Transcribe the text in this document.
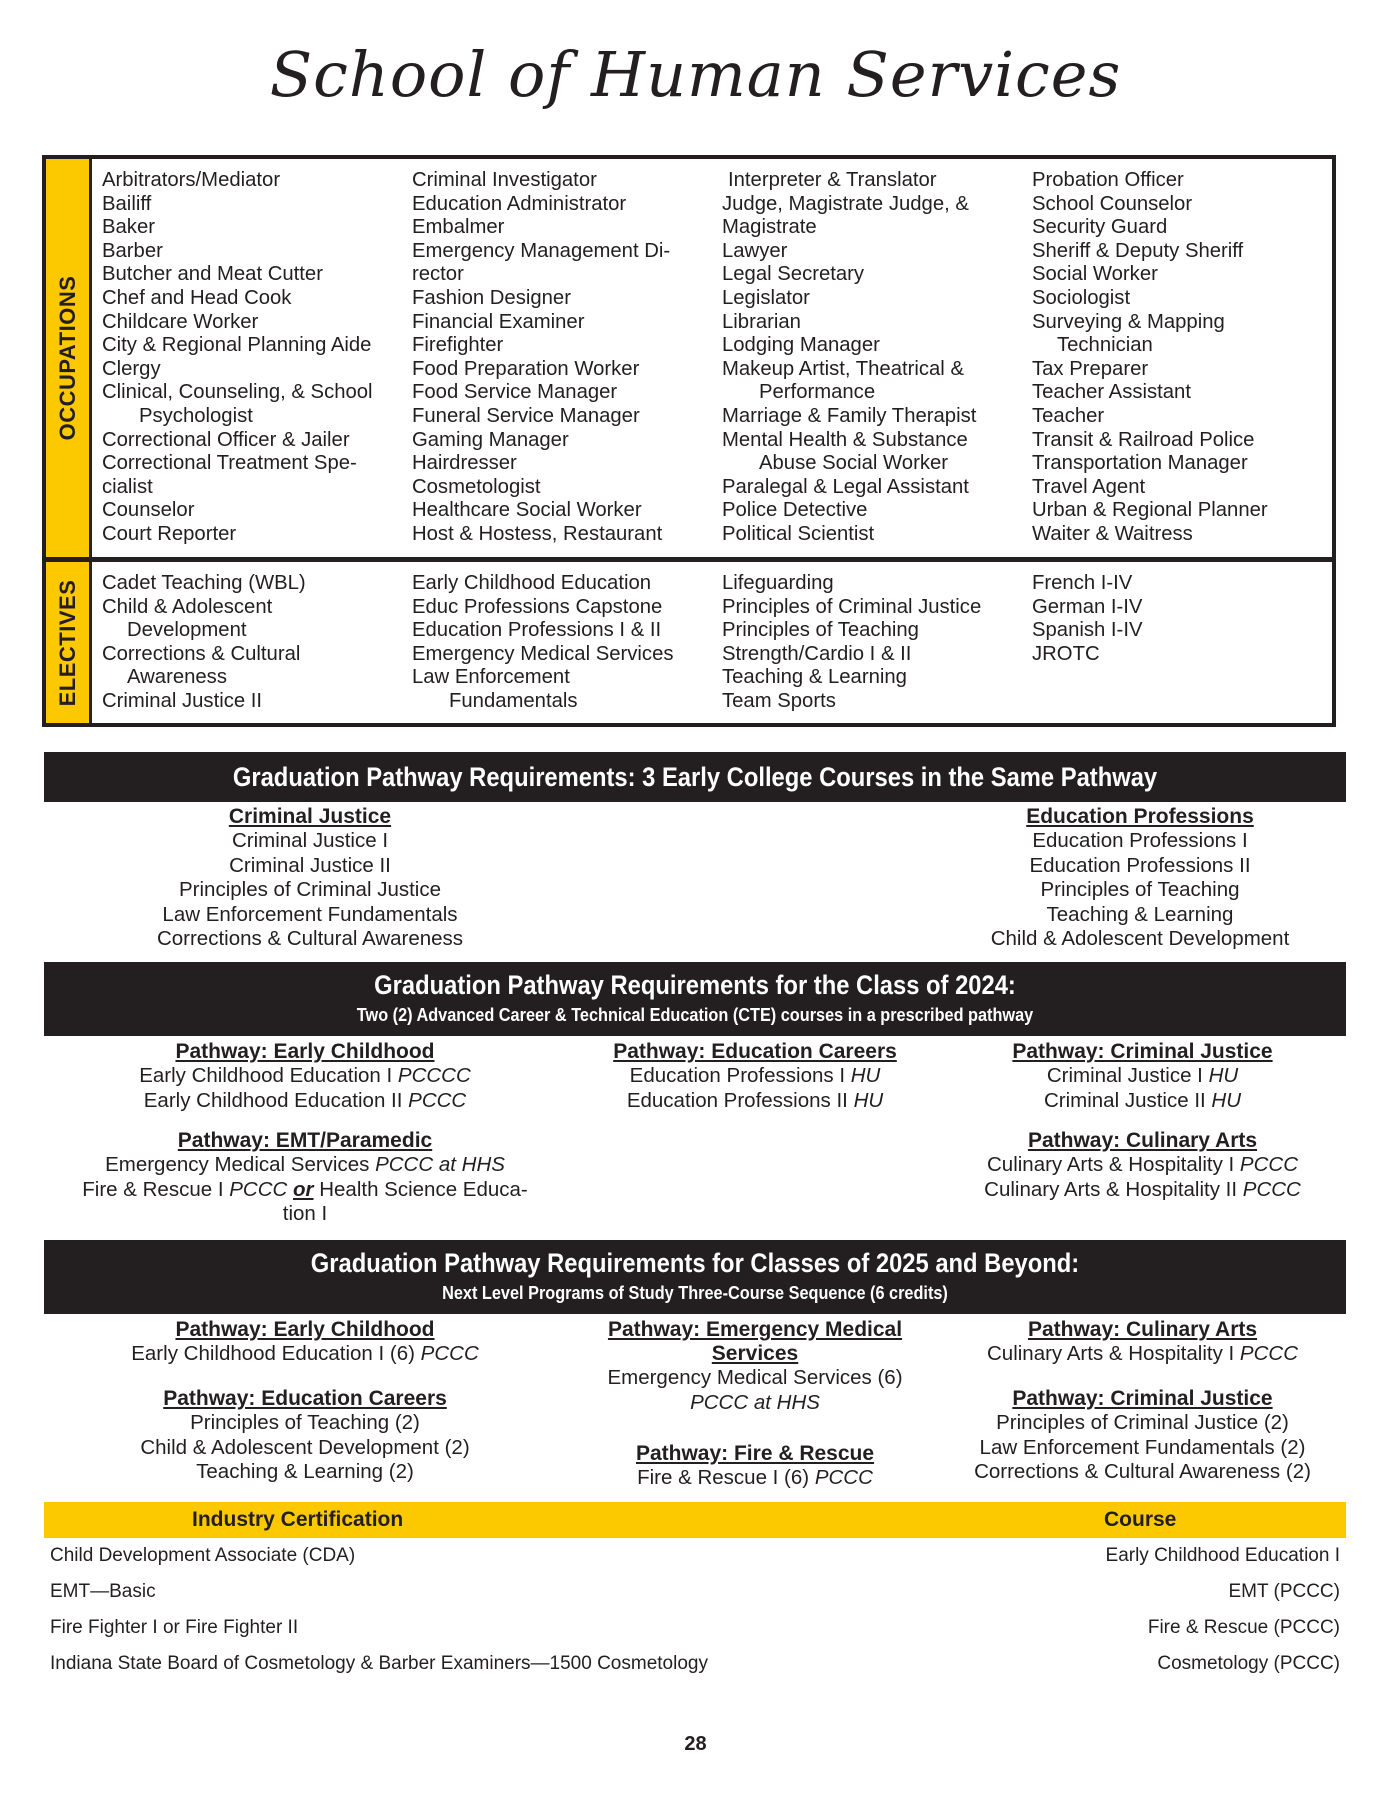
School of Human Services
OCCUPATIONS
ELECTIVES
Arbitrators/Mediator
Bailiff
Baker
Barber
Butcher and Meat Cutter
Chef and Head Cook
Childcare Worker
City & Regional Planning Aide
Clergy
Clinical, Counseling, & School
Psychologist
Correctional Officer & Jailer
Correctional Treatment Spe-
cialist
Counselor
Court Reporter
Criminal Investigator
Education Administrator
Embalmer
Emergency Management Di-
rector
Fashion Designer
Financial Examiner
Firefighter
Food Preparation Worker
Food Service Manager
Funeral Service Manager
Gaming Manager
Hairdresser
Cosmetologist
Healthcare Social Worker
Host & Hostess, Restaurant
Interpreter & Translator
Judge, Magistrate Judge, &
Magistrate
Lawyer
Legal Secretary
Legislator
Librarian
Lodging Manager
Makeup Artist, Theatrical &
Performance
Marriage & Family Therapist
Mental Health & Substance
Abuse Social Worker
Paralegal & Legal Assistant
Police Detective
Political Scientist
Probation Officer
School Counselor
Security Guard
Sheriff & Deputy Sheriff
Social Worker
Sociologist
Surveying & Mapping
Technician
Tax Preparer
Teacher Assistant
Teacher
Transit & Railroad Police
Transportation Manager
Travel Agent
Urban & Regional Planner
Waiter & Waitress
Cadet Teaching (WBL)
Child & Adolescent
Development
Corrections & Cultural
Awareness
Criminal Justice II
Early Childhood Education
Educ Professions Capstone
Education Professions I & II
Emergency Medical Services
Law Enforcement
Fundamentals
Lifeguarding
Principles of Criminal Justice
Principles of Teaching
Strength/Cardio I & II
Teaching & Learning
Team Sports
French I-IV
German I-IV
Spanish I-IV
JROTC
Graduation Pathway Requirements: 3 Early College Courses in the Same Pathway
Criminal Justice
Criminal Justice I
Criminal Justice II
Principles of Criminal Justice
Law Enforcement Fundamentals
Corrections & Cultural Awareness
Education Professions
Education Professions I
Education Professions II
Principles of Teaching
Teaching & Learning
Child & Adolescent Development
Graduation Pathway Requirements for the Class of 2024:
Two (2) Advanced Career & Technical Education (CTE) courses in a prescribed pathway
Pathway: Early Childhood
Early Childhood Education I PCCCC
Early Childhood Education II PCCC
Pathway: Education Careers
Education Professions I HU
Education Professions II HU
Pathway: Criminal Justice
Criminal Justice I HU
Criminal Justice II HU
Pathway: EMT/Paramedic
Emergency Medical Services PCCC at HHS
Fire & Rescue I PCCC or Health Science Educa-
tion I
Pathway: Culinary Arts
Culinary Arts & Hospitality I PCCC
Culinary Arts & Hospitality II PCCC
Graduation Pathway Requirements for Classes of 2025 and Beyond:
Next Level Programs of Study Three-Course Sequence (6 credits)
Pathway: Early Childhood
Early Childhood Education I (6) PCCC
Pathway: Education Careers
Principles of Teaching (2)
Child & Adolescent Development (2)
Teaching & Learning (2)
Pathway: Emergency Medical
Services
Emergency Medical Services (6)
PCCC at HHS
Pathway: Fire & Rescue
Fire & Rescue I (6) PCCC
Pathway: Culinary Arts
Culinary Arts & Hospitality I PCCC
Pathway: Criminal Justice
Principles of Criminal Justice (2)
Law Enforcement Fundamentals (2)
Corrections & Cultural Awareness (2)
Industry Certification	Course
Child Development Associate (CDA)	Early Childhood Education I
EMT—Basic	EMT (PCCC)
Fire Fighter I or Fire Fighter II	Fire & Rescue (PCCC)
Indiana State Board of Cosmetology & Barber Examiners—1500 Cosmetology	Cosmetology (PCCC)
28
